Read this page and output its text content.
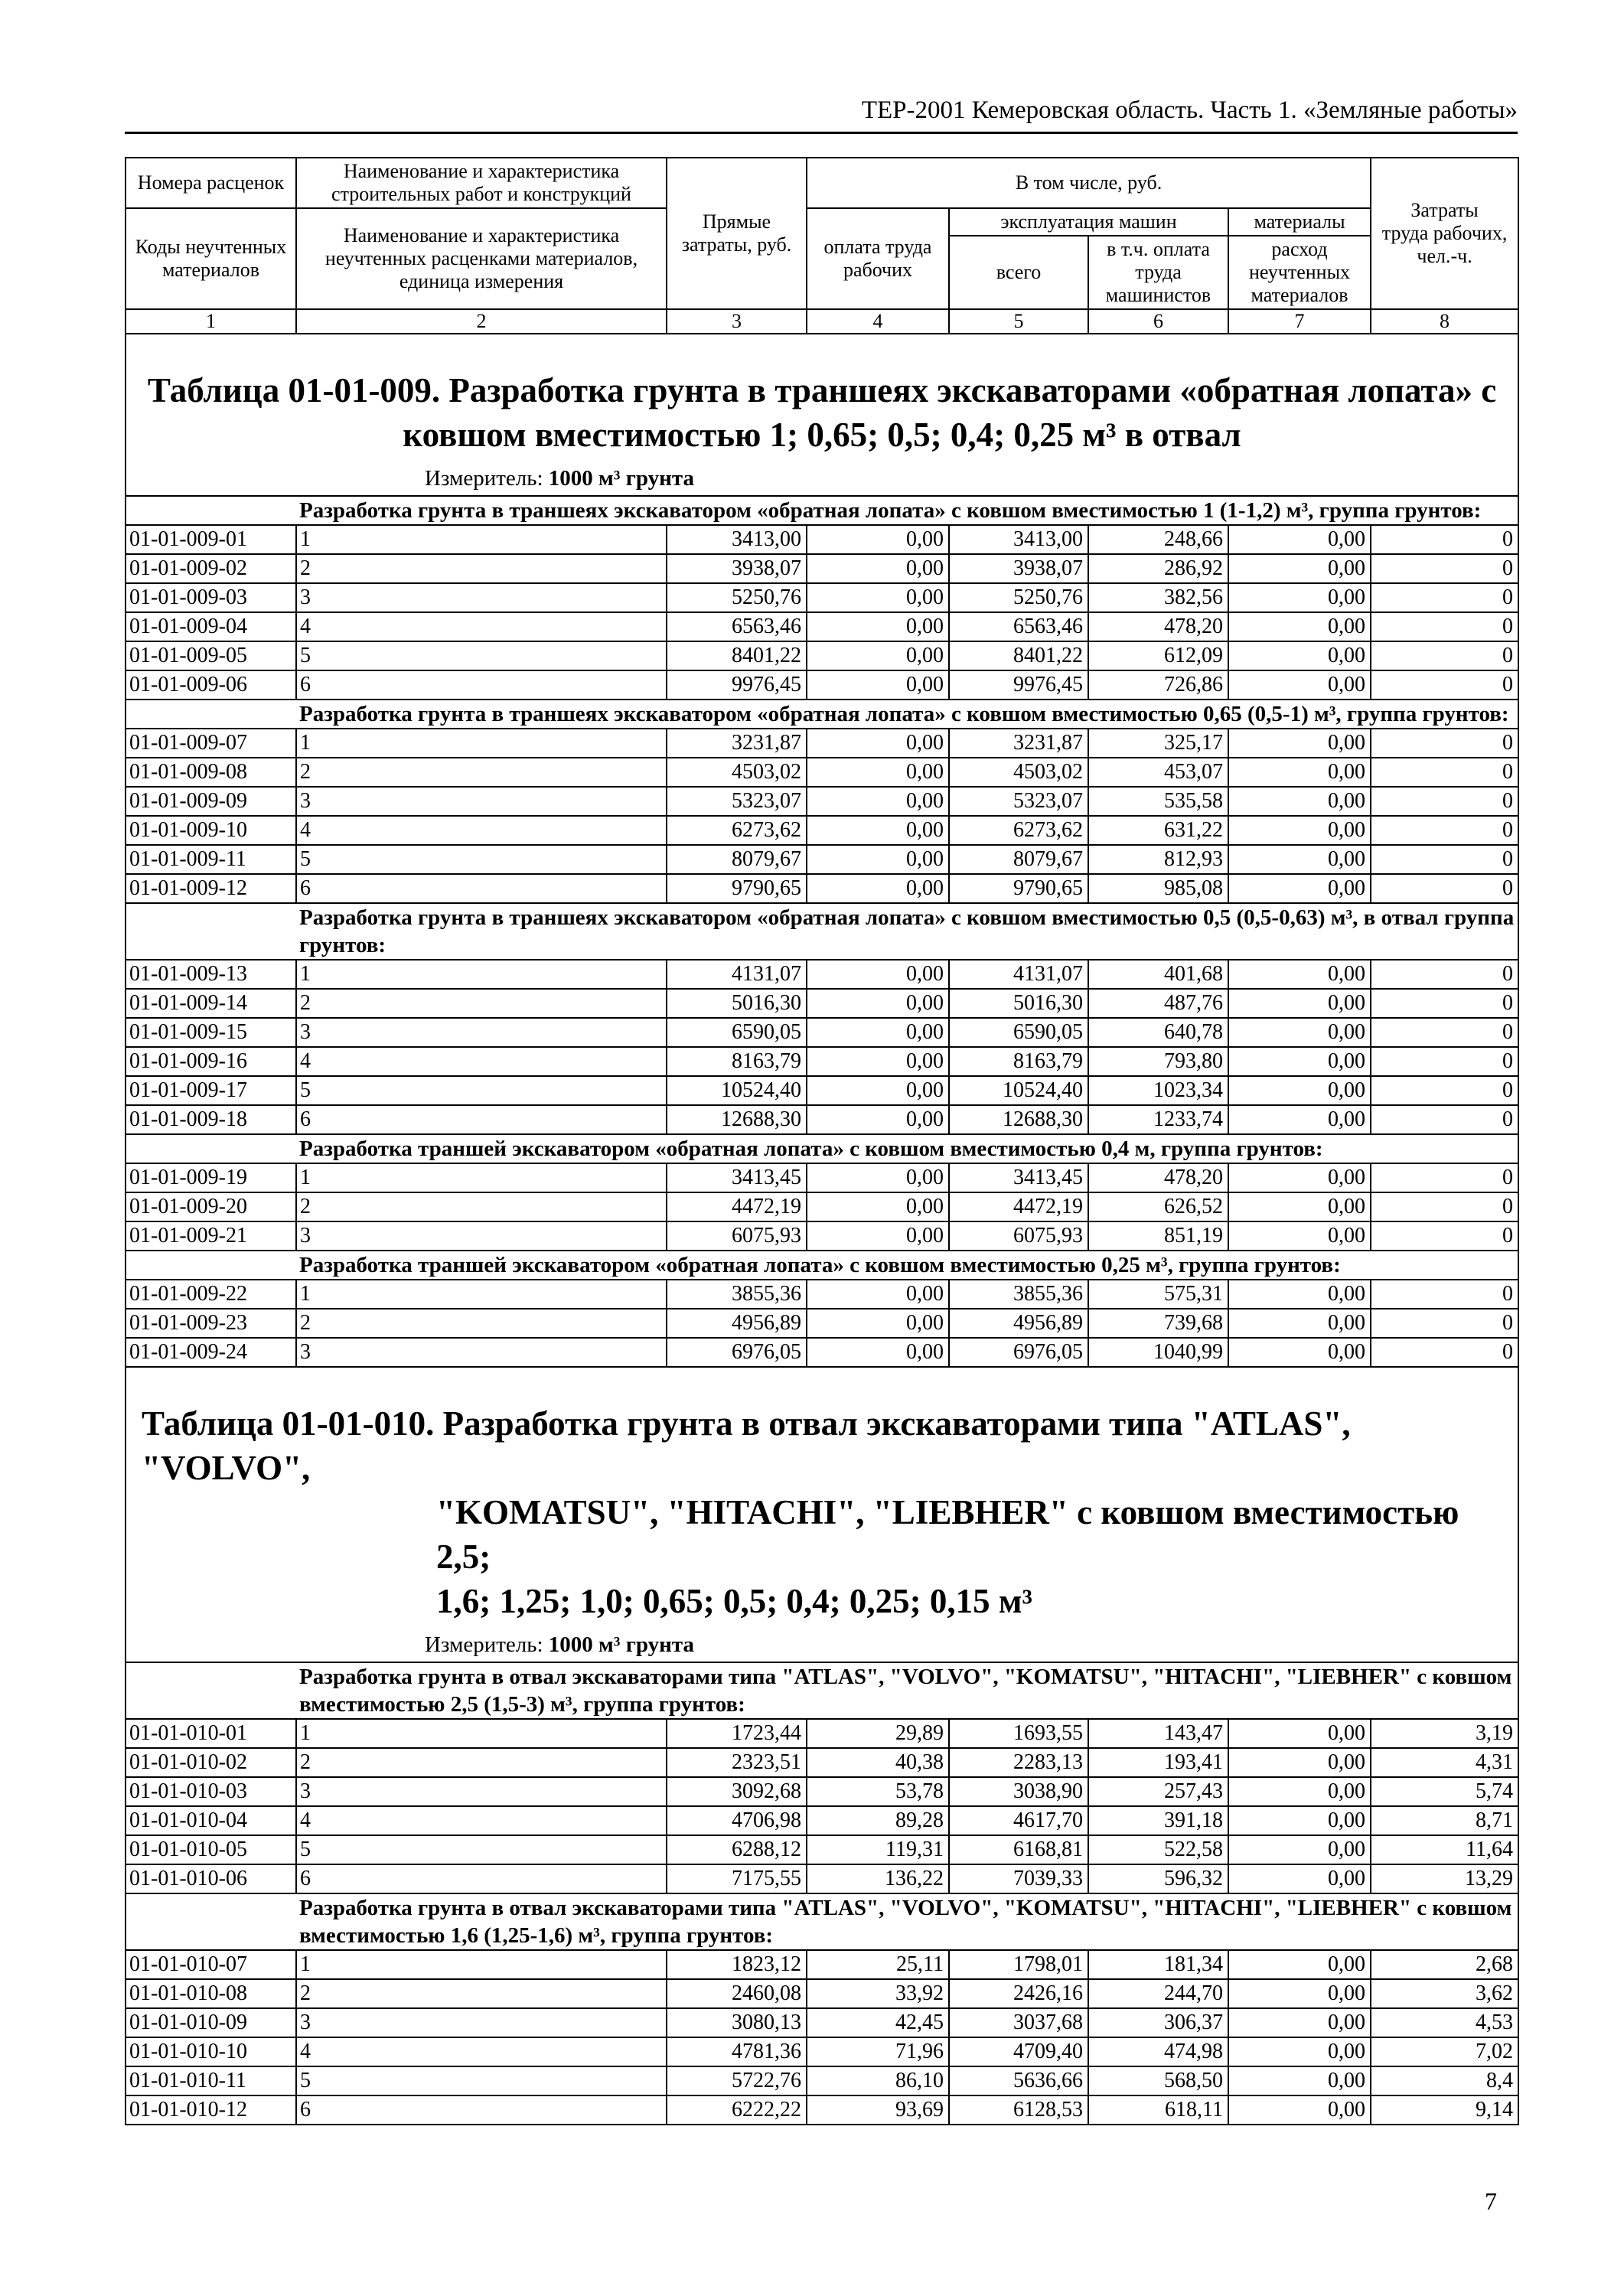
ТЕР-2001 Кемеровская область. Часть 1. «Земляные работы»
Номера расценок	Наименование и характеристика строительных работ и конструкций	Прямые затраты, руб.	В том числе, руб.				Затраты
труда рабочих, чел.-ч.
Коды неучтенных материалов	Наименование и характеристика неучтенных расценками материалов, единица измерения		оплата труда рабочих	эксплуатация машин		материалы	
				всего	в т.ч. оплата труда машинистов	расход неучтенных материалов	
1	2	3	4	5	6	7	8
Таблица 01-01-009. Разработка грунта в траншеях экскаваторами «обратная лопата» с
ковшом вместимостью 1; 0,65; 0,5; 0,4; 0,25 м³ в отвал							
Измеритель: 1000 м³ грунта							
	Разработка грунта в траншеях экскаватором «обратная лопата» с ковшом вместимостью 1 (1-1,2) м³, группа грунтов:						
01-01-009-01	1	3413,00	0,00	3413,00	248,66	0,00	0
01-01-009-02	2	3938,07	0,00	3938,07	286,92	0,00	0
01-01-009-03	3	5250,76	0,00	5250,76	382,56	0,00	0
01-01-009-04	4	6563,46	0,00	6563,46	478,20	0,00	0
01-01-009-05	5	8401,22	0,00	8401,22	612,09	0,00	0
01-01-009-06	6	9976,45	0,00	9976,45	726,86	0,00	0
	Разработка грунта в траншеях экскаватором «обратная лопата» с ковшом вместимостью 0,65 (0,5-1) м³, группа грунтов:						
01-01-009-07	1	3231,87	0,00	3231,87	325,17	0,00	0
01-01-009-08	2	4503,02	0,00	4503,02	453,07	0,00	0
01-01-009-09	3	5323,07	0,00	5323,07	535,58	0,00	0
01-01-009-10	4	6273,62	0,00	6273,62	631,22	0,00	0
01-01-009-11	5	8079,67	0,00	8079,67	812,93	0,00	0
01-01-009-12	6	9790,65	0,00	9790,65	985,08	0,00	0
	Разработка грунта в траншеях экскаватором «обратная лопата» с ковшом вместимостью 0,5 (0,5-0,63) м³, в отвал группа грунтов:						
01-01-009-13	1	4131,07	0,00	4131,07	401,68	0,00	0
01-01-009-14	2	5016,30	0,00	5016,30	487,76	0,00	0
01-01-009-15	3	6590,05	0,00	6590,05	640,78	0,00	0
01-01-009-16	4	8163,79	0,00	8163,79	793,80	0,00	0
01-01-009-17	5	10524,40	0,00	10524,40	1023,34	0,00	0
01-01-009-18	6	12688,30	0,00	12688,30	1233,74	0,00	0
	Разработка траншей экскаватором «обратная лопата» с ковшом вместимостью 0,4 м, группа грунтов:						
01-01-009-19	1	3413,45	0,00	3413,45	478,20	0,00	0
01-01-009-20	2	4472,19	0,00	4472,19	626,52	0,00	0
01-01-009-21	3	6075,93	0,00	6075,93	851,19	0,00	0
	Разработка траншей экскаватором «обратная лопата» с ковшом вместимостью 0,25 м³, группа грунтов:						
01-01-009-22	1	3855,36	0,00	3855,36	575,31	0,00	0
01-01-009-23	2	4956,89	0,00	4956,89	739,68	0,00	0
01-01-009-24	3	6976,05	0,00	6976,05	1040,99	0,00	0

Таблица 01-01-010. Разработка грунта в отвал экскаваторами типа "ATLAS", "VOLVO",
"KOMATSU", "HITACHI", "LIEBHER" с ковшом вместимостью 2,5;
1,6; 1,25; 1,0; 0,65; 0,5; 0,4; 0,25; 0,15 м³							

Измеритель: 1000 м³ грунта							
	Разработка грунта в отвал экскаваторами типа "ATLAS", "VOLVO", "KOMATSU", "HITACHI", "LIEBHER" с ковшом вместимостью 2,5 (1,5-3) м³, группа грунтов:						
01-01-010-01	1	1723,44	29,89	1693,55	143,47	0,00	3,19
01-01-010-02	2	2323,51	40,38	2283,13	193,41	0,00	4,31
01-01-010-03	3	3092,68	53,78	3038,90	257,43	0,00	5,74
01-01-010-04	4	4706,98	89,28	4617,70	391,18	0,00	8,71
01-01-010-05	5	6288,12	119,31	6168,81	522,58	0,00	11,64
01-01-010-06	6	7175,55	136,22	7039,33	596,32	0,00	13,29
	Разработка грунта в отвал экскаваторами типа "ATLAS", "VOLVO", "KOMATSU", "HITACHI", "LIEBHER" с ковшом вместимостью 1,6 (1,25-1,6) м³, группа грунтов:						
01-01-010-07	1	1823,12	25,11	1798,01	181,34	0,00	2,68
01-01-010-08	2	2460,08	33,92	2426,16	244,70	0,00	3,62
01-01-010-09	3	3080,13	42,45	3037,68	306,37	0,00	4,53
01-01-010-10	4	4781,36	71,96	4709,40	474,98	0,00	7,02
01-01-010-11	5	5722,76	86,10	5636,66	568,50	0,00	8,4
01-01-010-12	6	6222,22	93,69	6128,53	618,11	0,00	9,14
7
